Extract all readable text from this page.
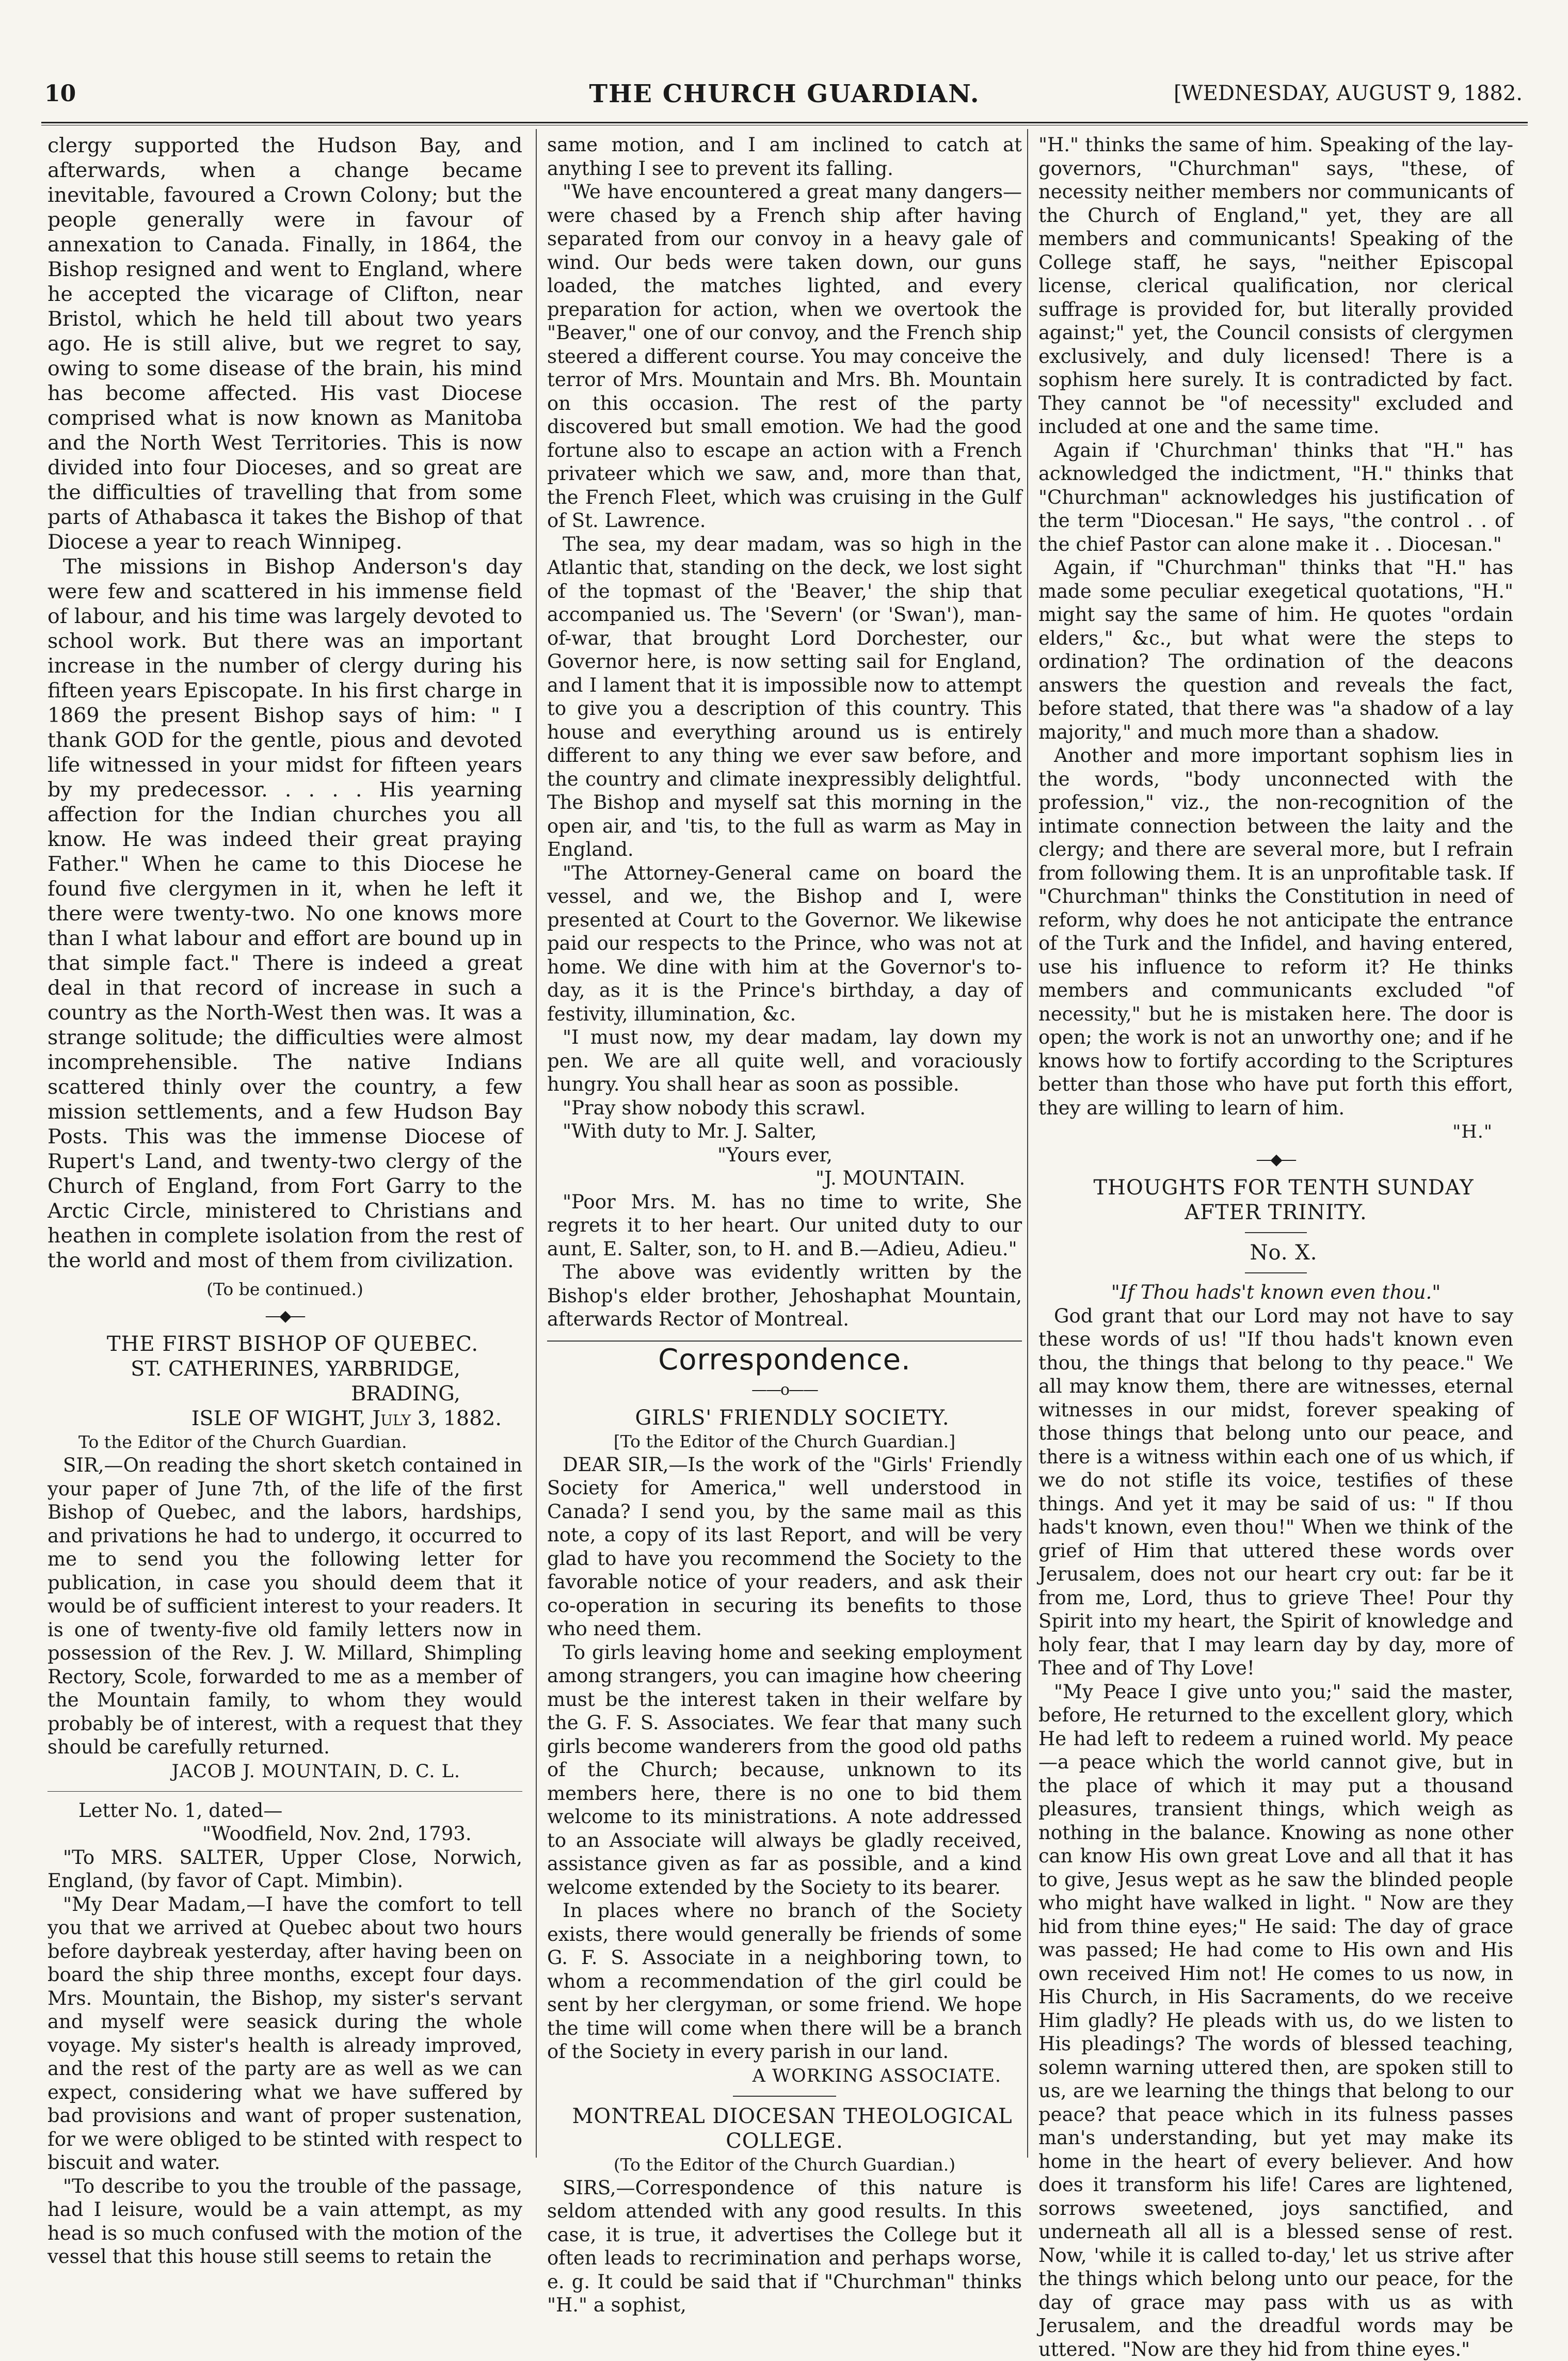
10	THE CHURCH GUARDIAN.	[WEDNESDAY, AUGUST 9, 1882.

clergy supported the Hudson Bay, and afterwards, when a change became inevitable, favoured a Crown Colony; but the people generally were in favour of annexation to Canada. Finally, in 1864, the Bishop resigned and went to England, where he accepted the vicarage of Clifton, near Bristol, which he held till about two years ago. He is still alive, but we regret to say, owing to some disease of the brain, his mind has become affected. His vast Diocese comprised what is now known as Manitoba and the North West Territories. This is now divided into four Dioceses, and so great are the difficulties of travelling that from some parts of Athabasca it takes the Bishop of that Diocese a year to reach Winnipeg.

The missions in Bishop Anderson's day were few and scattered in his immense field of labour, and his time was largely devoted to school work. But there was an important increase in the number of clergy during his fifteen years Episcopate. In his first charge in 1869 the present Bishop says of him: " I thank GOD for the gentle, pious and devoted life witnessed in your midst for fifteen years by my predecessor. . . . . His yearning affection for the Indian churches you all know. He was indeed their great praying Father." When he came to this Diocese he found five clergymen in it, when he left it there were twenty-two. No one knows more than I what labour and effort are bound up in that simple fact." There is indeed a great deal in that record of increase in such a country as the North-West then was. It was a strange solitude; the difficulties were almost incomprehensible. The native Indians scattered thinly over the country, a few mission settlements, and a few Hudson Bay Posts. This was the immense Diocese of Rupert's Land, and twenty-two clergy of the Church of England, from Fort Garry to the Arctic Circle, ministered to Christians and heathen in complete isolation from the rest of the world and most of them from civilization.

(To be continued.)

—◆—

THE FIRST BISHOP OF QUEBEC.

ST. CATHERINES, YARBRIDGE, BRADING,

ISLE OF WIGHT, July 3, 1882.

To the Editor of the Church Guardian.

SIR,—On reading the short sketch contained in your paper of June 7th, of the life of the first Bishop of Quebec, and the labors, hardships, and privations he had to undergo, it occurred to me to send you the following letter for publication, in case you should deem that it would be of sufficient interest to your readers. It is one of twenty-five old family letters now in possession of the Rev. J. W. Millard, Shimpling Rectory, Scole, forwarded to me as a member of the Mountain family, to whom they would probably be of interest, with a request that they should be carefully returned.

JACOB J. MOUNTAIN, D. C. L.

Letter No. 1, dated—

"Woodfield, Nov. 2nd, 1793.

"To MRS. SALTER, Upper Close, Norwich, England, (by favor of Capt. Mimbin).

"My Dear Madam,—I have the comfort to tell you that we arrived at Quebec about two hours before daybreak yesterday, after having been on board the ship three months, except four days. Mrs. Mountain, the Bishop, my sister's servant and myself were seasick during the whole voyage. My sister's health is already improved, and the rest of the party are as well as we can expect, considering what we have suffered by bad provisions and want of proper sustenation, for we were obliged to be stinted with respect to biscuit and water.

"To describe to you the trouble of the passage, had I leisure, would be a vain attempt, as my head is so much confused with the motion of the vessel that this house still seems to retain the

same motion, and I am inclined to catch at anything I see to prevent its falling.

"We have encountered a great many dangers—were chased by a French ship after having separated from our convoy in a heavy gale of wind. Our beds were taken down, our guns loaded, the matches lighted, and every preparation for action, when we overtook the "Beaver," one of our convoy, and the French ship steered a different course. You may conceive the terror of Mrs. Mountain and Mrs. Bh. Mountain on this occasion. The rest of the party discovered but small emotion. We had the good fortune also to escape an action with a French privateer which we saw, and, more than that, the French Fleet, which was cruising in the Gulf of St. Lawrence.

The sea, my dear madam, was so high in the Atlantic that, standing on the deck, we lost sight of the topmast of the 'Beaver,' the ship that accompanied us. The 'Severn' (or 'Swan'), man-of-war, that brought Lord Dorchester, our Governor here, is now setting sail for England, and I lament that it is impossible now to attempt to give you a description of this country. This house and everything around us is entirely different to any thing we ever saw before, and the country and climate inexpressibly delightful. The Bishop and myself sat this morning in the open air, and 'tis, to the full as warm as May in England.

"The Attorney-General came on board the vessel, and we, the Bishop and I, were presented at Court to the Governor. We likewise paid our respects to the Prince, who was not at home. We dine with him at the Governor's to-day, as it is the Prince's birthday, a day of festivity, illumination, &c.

"I must now, my dear madam, lay down my pen. We are all quite well, and voraciously hungry. You shall hear as soon as possible.

"Pray show nobody this scrawl.

"With duty to Mr. J. Salter,

"Yours ever,

"J. MOUNTAIN.

"Poor Mrs. M. has no time to write, She regrets it to her heart. Our united duty to our aunt, E. Salter, son, to H. and B.—Adieu, Adieu."

The above was evidently written by the Bishop's elder brother, Jehoshaphat Mountain, afterwards Rector of Montreal.

Correspondence.
——o——

GIRLS' FRIENDLY SOCIETY.

[To the Editor of the Church Guardian.]

DEAR SIR,—Is the work of the "Girls' Friendly Society for America," well understood in Canada? I send you, by the same mail as this note, a copy of its last Report, and will be very glad to have you recommend the Society to the favorable notice of your readers, and ask their co-operation in securing its benefits to those who need them.

To girls leaving home and seeking employment among strangers, you can imagine how cheering must be the interest taken in their welfare by the G. F. S. Associates. We fear that many such girls become wanderers from the good old paths of the Church; because, unknown to its members here, there is no one to bid them welcome to its ministrations. A note addressed to an Associate will always be gladly received, assistance given as far as possible, and a kind welcome extended by the Society to its bearer.

In places where no branch of the Society exists, there would generally be friends of some G. F. S. Associate in a neighboring town, to whom a recommendation of the girl could be sent by her clergyman, or some friend. We hope the time will come when there will be a branch of the Society in every parish in our land.

A WORKING ASSOCIATE.

MONTREAL DIOCESAN THEOLOGICAL COLLEGE.

(To the Editor of the Church Guardian.)

SIRS,—Correspondence of this nature is seldom attended with any good results. In this case, it is true, it advertises the College but it often leads to recrimination and perhaps worse, e. g. It could be said that if "Churchman" thinks "H." a sophist,

"H." thinks the same of him. Speaking of the lay-governors, "Churchman" says, "these, of necessity neither members nor communicants of the Church of England," yet, they are all members and communicants! Speaking of the College staff, he says, "neither Episcopal license, clerical qualification, nor clerical suffrage is provided for, but literally provided against;" yet, the Council consists of clergymen exclusively, and duly licensed! There is a sophism here surely. It is contradicted by fact. They cannot be "of necessity" excluded and included at one and the same time.

Again if 'Churchman' thinks that "H." has acknowledged the indictment, "H." thinks that "Churchman" acknowledges his justification of the term "Diocesan." He says, "the control . . of the chief Pastor can alone make it . . Diocesan."

Again, if "Churchman" thinks that "H." has made some peculiar exegetical quotations, "H." might say the same of him. He quotes "ordain elders," &c., but what were the steps to ordination? The ordination of the deacons answers the question and reveals the fact, before stated, that there was "a shadow of a lay majority," and much more than a shadow.

Another and more important sophism lies in the words, "body unconnected with the profession," viz., the non-recognition of the intimate connection between the laity and the clergy; and there are several more, but I refrain from following them. It is an unprofitable task. If "Churchman" thinks the Constitution in need of reform, why does he not anticipate the entrance of the Turk and the Infidel, and having entered, use his influence to reform it? He thinks members and communicants excluded "of necessity," but he is mistaken here. The door is open; the work is not an unworthy one; and if he knows how to fortify according to the Scriptures better than those who have put forth this effort, they are willing to learn of him.

"H."

—◆—

THOUGHTS FOR TENTH SUNDAY AFTER TRINITY.

No. X.

"If Thou hads't known even thou."

God grant that our Lord may not have to say these words of us! "If thou hads't known even thou, the things that belong to thy peace." We all may know them, there are witnesses, eternal witnesses in our midst, forever speaking of those things that belong unto our peace, and there is a witness within each one of us which, if we do not stifle its voice, testifies of these things. And yet it may be said of us: " If thou hads't known, even thou!" When we think of the grief of Him that uttered these words over Jerusalem, does not our heart cry out: far be it from me, Lord, thus to grieve Thee! Pour thy Spirit into my heart, the Spirit of knowledge and holy fear, that I may learn day by day, more of Thee and of Thy Love!

"My Peace I give unto you;" said the master, before, He returned to the excellent glory, which He had left to redeem a ruined world. My peace—a peace which the world cannot give, but in the place of which it may put a thousand pleasures, transient things, which weigh as nothing in the balance. Knowing as none other can know His own great Love and all that it has to give, Jesus wept as he saw the blinded people who might have walked in light. " Now are they hid from thine eyes;" He said: The day of grace was passed; He had come to His own and His own received Him not! He comes to us now, in His Church, in His Sacraments, do we receive Him gladly? He pleads with us, do we listen to His pleadings? The words of blessed teaching, solemn warning uttered then, are spoken still to us, are we learning the things that belong to our peace? that peace which in its fulness passes man's understanding, but yet may make its home in the heart of every believer. And how does it transform his life! Cares are lightened, sorrows sweetened, joys sanctified, and underneath all all is a blessed sense of rest. Now, 'while it is called to-day,' let us strive after the things which belong unto our peace, for the day of grace may pass with us as with Jerusalem, and the dreadful words may be uttered. "Now are they hid from thine eyes."
